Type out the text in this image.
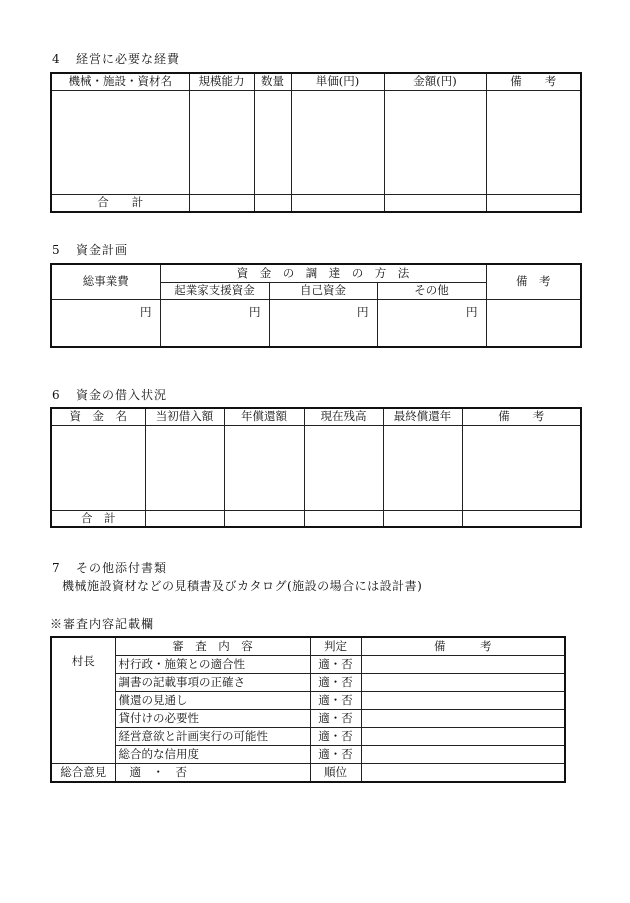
4 経営に必要な経費
機械・施設・資材名	規模能力	数量	単価(円)	金額(円)	備　　考

合　　計					
5 資金計画
総事業費	資　金　の　調　達　の　方　法			備　考
	起業家支援資金	自己資金	その他	
円	円	円	円	
6 資金の借入状況
資　金　名	当初借入額	年償還額	現在残高	最終償還年	備　　考

合　計					
7 その他添付書類
機械施設資材などの見積書及びカタログ(施設の場合には設計書)
※審査内容記載欄
	審　査　内　容	判定	備　　　考
村長	村行政・施策との適合性	適・否	
	調書の記載事項の正確さ	適・否	
	償還の見通し	適・否	
	貸付けの必要性	適・否	
	経営意欲と計画実行の可能性	適・否	
	総合的な信用度	適・否	
総合意見	適　・　否	順位	
